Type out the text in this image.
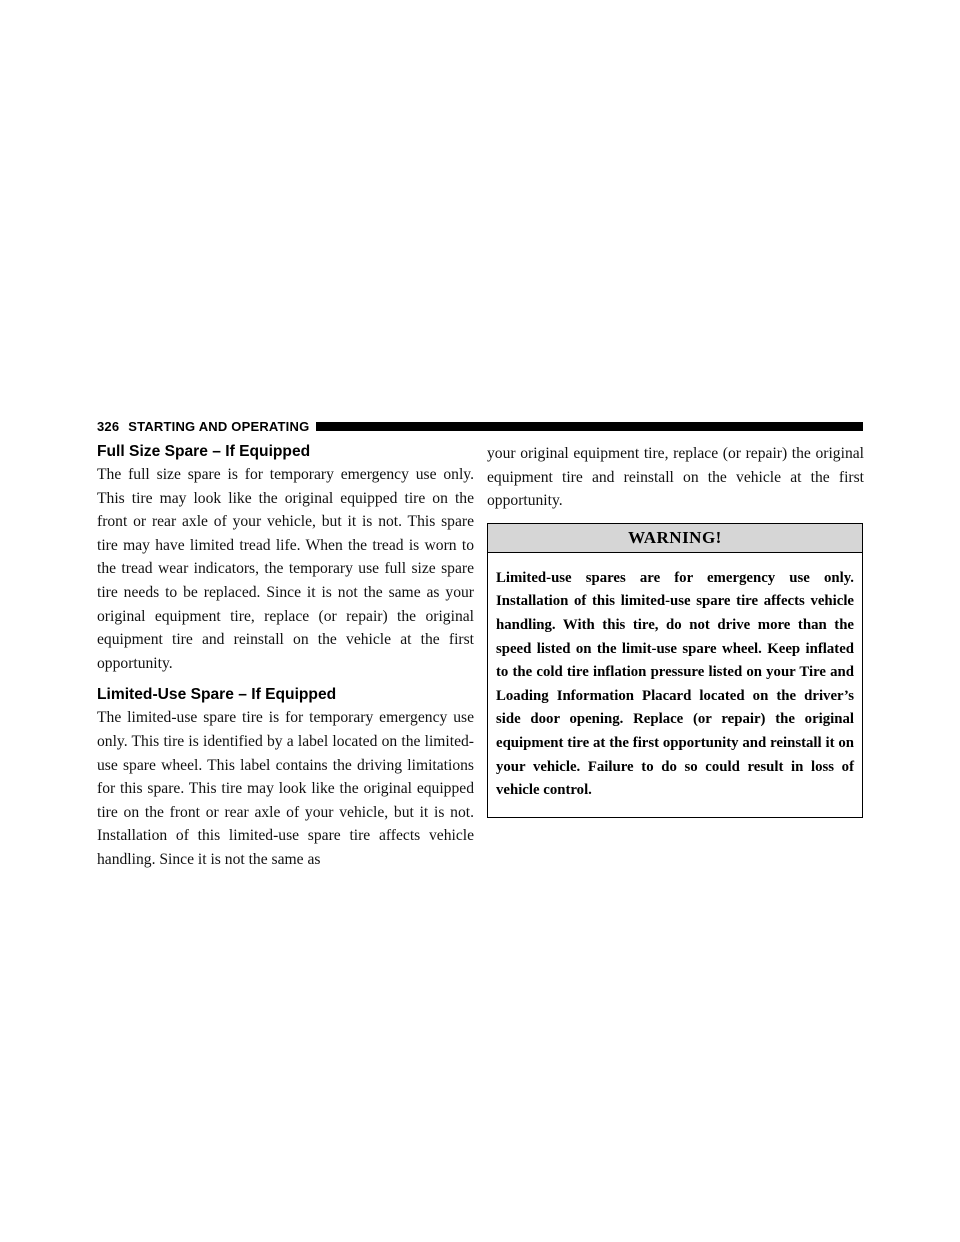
326 STARTING AND OPERATING
Full Size Spare – If Equipped

The full size spare is for temporary emergency use only. This tire may look like the original equipped tire on the front or rear axle of your vehicle, but it is not. This spare tire may have limited tread life. When the tread is worn to the tread wear indicators, the temporary use full size spare tire needs to be replaced. Since it is not the same as your original equipment tire, replace (or repair) the original equipment tire and reinstall on the vehicle at the first opportunity.

Limited-Use Spare – If Equipped

The limited-use spare tire is for temporary emergency use only. This tire is identified by a label located on the limited-use spare wheel. This label contains the driving limitations for this spare. This tire may look like the original equipped tire on the front or rear axle of your vehicle, but it is not. Installation of this limited-use spare tire affects vehicle handling. Since it is not the same as

your original equipment tire, replace (or repair) the original equipment tire and reinstall on the vehicle at the first opportunity.

WARNING!
Limited-use spares are for emergency use only. Installation of this limited-use spare tire affects vehicle handling. With this tire, do not drive more than the speed listed on the limit-use spare wheel. Keep inflated to the cold tire inflation pressure listed on your Tire and Loading Information Placard located on the driver’s side door opening. Replace (or repair) the original equipment tire at the first opportunity and reinstall it on your vehicle. Failure to do so could result in loss of vehicle control.
